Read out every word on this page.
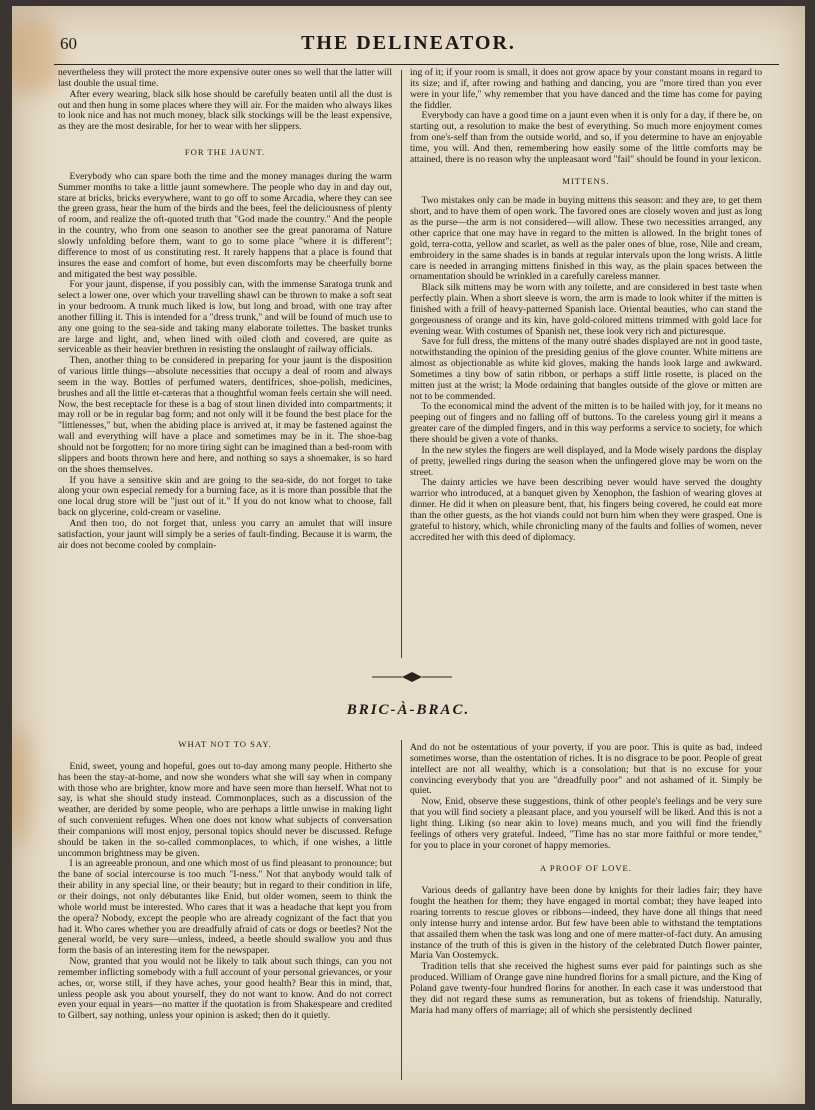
60	THE DELINEATOR.

nevertheless they will protect the more expensive outer ones so well that the latter will last double the usual time.

After every wearing, black silk hose should be carefully beaten until all the dust is out and then hung in some places where they will air. For the maiden who always likes to look nice and has not much money, black silk stockings will be the least expensive, as they are the most desirable, for her to wear with her slippers.

FOR THE JAUNT.

Everybody who can spare both the time and the money manages during the warm Summer months to take a little jaunt somewhere. The people who day in and day out, stare at bricks, bricks everywhere, want to go off to some Arcadia, where they can see the green grass, hear the hum of the birds and the bees, feel the deliciousness of plenty of room, and realize the oft-quoted truth that "God made the country." And the people in the country, who from one season to another see the great panorama of Nature slowly unfolding before them, want to go to some place "where it is different"; difference to most of us constituting rest. It rarely happens that a place is found that insures the ease and comfort of home, but even discomforts may be cheerfully borne and mitigated the best way possible.

For your jaunt, dispense, if you possibly can, with the immense Saratoga trunk and select a lower one, over which your travelling shawl can be thrown to make a soft seat in your bedroom. A trunk much liked is low, but long and broad, with one tray after another filling it. This is intended for a "dress trunk," and will be found of much use to any one going to the sea-side and taking many elaborate toilettes. The basket trunks are large and light, and, when lined with oiled cloth and covered, are quite as serviceable as their heavier brethren in resisting the onslaught of railway officials.

Then, another thing to be considered in preparing for your jaunt is the disposition of various little things—absolute necessities that occupy a deal of room and always seem in the way. Bottles of perfumed waters, dentifrices, shoe-polish, medicines, brushes and all the little et-cæteras that a thoughtful woman feels certain she will need. Now, the best receptacle for these is a bag of stout linen divided into compartments; it may roll or be in regular bag form; and not only will it be found the best place for the "littlenesses," but, when the abiding place is arrived at, it may be fastened against the wall and everything will have a place and sometimes may be in it. The shoe-bag should not be forgotten; for no more tiring sight can be imagined than a bed-room with slippers and boots thrown here and here, and nothing so says a shoemaker, is so hard on the shoes themselves.

If you have a sensitive skin and are going to the sea-side, do not forget to take along your own especial remedy for a burning face, as it is more than possible that the one local drug store will be "just out of it." If you do not know what to choose, fall back on glycerine, cold-cream or vaseline.

And then too, do not forget that, unless you carry an amulet that will insure satisfaction, your jaunt will simply be a series of fault-finding. Because it is warm, the air does not become cooled by complain-

ing of it; if your room is small, it does not grow apace by your constant moans in regard to its size; and if, after rowing and bathing and dancing, you are "more tired than you ever were in your life," why remember that you have danced and the time has come for paying the fiddler.

Everybody can have a good time on a jaunt even when it is only for a day, if there be, on starting out, a resolution to make the best of everything. So much more enjoyment comes from one's-self than from the outside world, and so, if you determine to have an enjoyable time, you will. And then, remembering how easily some of the little comforts may be attained, there is no reason why the unpleasant word "fail" should be found in your lexicon.

MITTENS.

Two mistakes only can be made in buying mittens this season: and they are, to get them short, and to have them of open work. The favored ones are closely woven and just as long as the purse—the arm is not considered—will allow. These two necessities arranged, any other caprice that one may have in regard to the mitten is allowed. In the bright tones of gold, terra-cotta, yellow and scarlet, as well as the paler ones of blue, rose, Nile and cream, embroidery in the same shades is in bands at regular intervals upon the long wrists. A little care is needed in arranging mittens finished in this way, as the plain spaces between the ornamentation should be wrinkled in a carefully careless manner.

Black silk mittens may be worn with any toilette, and are considered in best taste when perfectly plain. When a short sleeve is worn, the arm is made to look whiter if the mitten is finished with a frill of heavy-patterned Spanish lace. Oriental beauties, who can stand the gorgeousness of orange and its kin, have gold-colored mittens trimmed with gold lace for evening wear. With costumes of Spanish net, these look very rich and picturesque.

Save for full dress, the mittens of the many outré shades displayed are not in good taste, notwithstanding the opinion of the presiding genius of the glove counter. White mittens are almost as objectionable as white kid gloves, making the hands look large and awkward. Sometimes a tiny bow of satin ribbon, or perhaps a stiff little rosette, is placed on the mitten just at the wrist; la Mode ordaining that bangles outside of the glove or mitten are not to be commended.

To the economical mind the advent of the mitten is to be hailed with joy, for it means no peeping out of fingers and no falling off of buttons. To the careless young girl it means a greater care of the dimpled fingers, and in this way performs a service to society, for which there should be given a vote of thanks.

In the new styles the fingers are well displayed, and la Mode wisely pardons the display of pretty, jewelled rings during the season when the unfingered glove may be worn on the street.

The dainty articles we have been describing never would have served the doughty warrior who introduced, at a banquet given by Xenophon, the fashion of wearing gloves at dinner. He did it when on pleasure bent, that, his fingers being covered, he could eat more than the other guests, as the hot viands could not burn him when they were grasped. One is grateful to history, which, while chronicling many of the faults and follies of women, never accredited her with this deed of diplomacy.

BRIC-À-BRAC.
WHAT NOT TO SAY.

Enid, sweet, young and hopeful, goes out to-day among many people. Hitherto she has been the stay-at-home, and now she wonders what she will say when in company with those who are brighter, know more and have seen more than herself. What not to say, is what she should study instead. Commonplaces, such as a discussion of the weather, are derided by some people, who are perhaps a little unwise in making light of such convenient refuges. When one does not know what subjects of conversation their companions will most enjoy, personal topics should never be discussed. Refuge should be taken in the so-called commonplaces, to which, if one wishes, a little uncommon brightness may be given.

I is an agreeable pronoun, and one which most of us find pleasant to pronounce; but the bane of social intercourse is too much "I-ness." Not that anybody would talk of their ability in any special line, or their beauty; but in regard to their condition in life, or their doings, not only débutantes like Enid, but older women, seem to think the whole world must be interested. Who cares that it was a headache that kept you from the opera? Nobody, except the people who are already cognizant of the fact that you had it. Who cares whether you are dreadfully afraid of cats or dogs or beetles? Not the general world, be very sure—unless, indeed, a beetle should swallow you and thus form the basis of an interesting item for the newspaper.

Now, granted that you would not be likely to talk about such things, can you not remember inflicting somebody with a full account of your personal grievances, or your aches, or, worse still, if they have aches, your good health? Bear this in mind, that, unless people ask you about yourself, they do not want to know. And do not correct even your equal in years—no matter if the quotation is from Shakespeare and credited to Gilbert, say nothing, unless your opinion is asked; then do it quietly.

And do not be ostentatious of your poverty, if you are poor. This is quite as bad, indeed sometimes worse, than the ostentation of riches. It is no disgrace to be poor. People of great intellect are not all wealthy, which is a consolation; but that is no excuse for your convincing everybody that you are "dreadfully poor" and not ashamed of it. Simply be quiet.

Now, Enid, observe these suggestions, think of other people's feelings and be very sure that you will find society a pleasant place, and you yourself will be liked. And this is not a light thing. Liking (so near akin to love) means much, and you will find the friendly feelings of others very grateful. Indeed, "Time has no star more faithful or more tender," for you to place in your coronet of happy memories.

A PROOF OF LOVE.

Various deeds of gallantry have been done by knights for their ladies fair; they have fought the heathen for them; they have engaged in mortal combat; they have leaped into roaring torrents to rescue gloves or ribbons—indeed, they have done all things that need only intense hurry and intense ardor. But few have been able to withstand the temptations that assailed them when the task was long and one of mere matter-of-fact duty. An amusing instance of the truth of this is given in the history of the celebrated Dutch flower painter, Maria Van Oostemyck.

Tradition tells that she received the highest sums ever paid for paintings such as she produced. William of Orange gave nine hundred florins for a small picture, and the King of Poland gave twenty-four hundred florins for another. In each case it was understood that they did not regard these sums as remuneration, but as tokens of friendship. Naturally, Maria had many offers of marriage; all of which she persistently declined
